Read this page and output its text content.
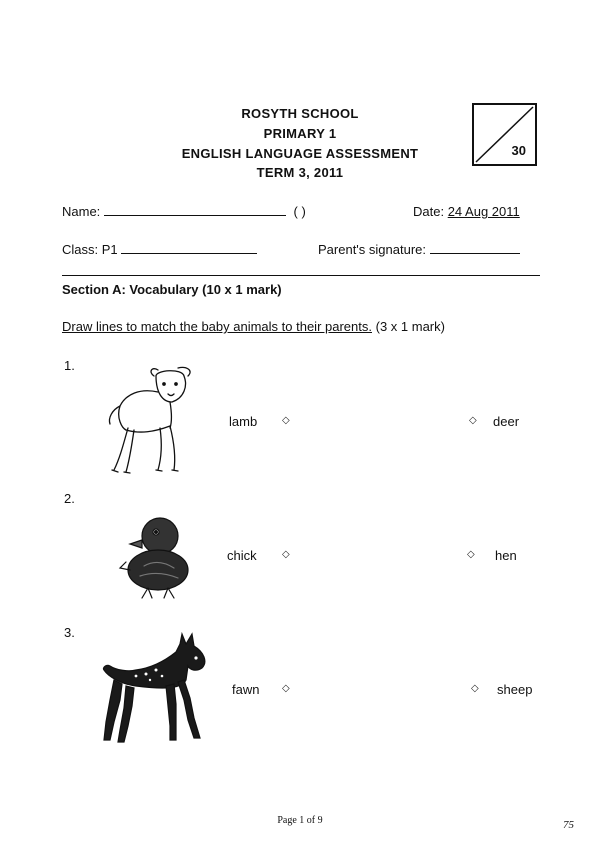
ROSYTH SCHOOL
PRIMARY 1
ENGLISH LANGUAGE ASSESSMENT
TERM 3, 2011
30
Name:	( )	Date: 24 Aug 2011
Class: P1	Parent's signature:
Section A: Vocabulary (10 x 1 mark)
Draw lines to match the baby animals to their parents. (3 x 1 mark)
1.
lamb ◇	◇ deer
2.
chick	◇	◇ hen
3.
fawn ◇	◇ sheep
Page 1 of 9	75
